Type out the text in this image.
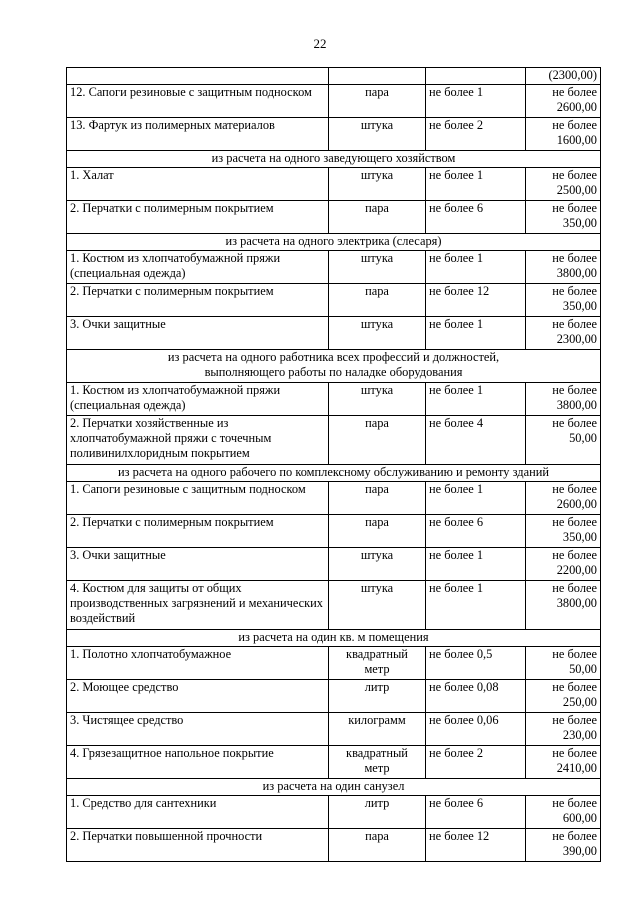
22

			(2300,00)

12. Сапоги резиновые с защитным подноском	пара	не более 1	не более
2600,00

13. Фартук из полимерных материалов	штука	не более 2	не более
1600,00

из расчета на одного заведующего хозяйством			
1. Халат	штука	не более 1	не более
2500,00

2. Перчатки с полимерным покрытием	пара	не более 6	не более
350,00

из расчета на одного электрика (слесаря)			
1. Костюм из хлопчатобумажной пряжи (специальная одежда)	штука	не более 1	не более
3800,00

2. Перчатки с полимерным покрытием	пара	не более 12	не более
350,00

3. Очки защитные	штука	не более 1	не более
2300,00

из расчета на одного работника всех профессий и должностей,
выполняющего работы по наладке оборудования			
1. Костюм из хлопчатобумажной пряжи (специальная одежда)	штука	не более 1	не более
3800,00

2. Перчатки хозяйственные из хлопчатобумажной пряжи с точечным поливинилхлоридным покрытием	пара	не более 4	не более
50,00

из расчета на одного рабочего по комплексному обслуживанию и ремонту зданий			
1. Сапоги резиновые с защитным подноском	пара	не более 1	не более
2600,00

2. Перчатки с полимерным покрытием	пара	не более 6	не более
350,00

3. Очки защитные	штука	не более 1	не более
2200,00

4. Костюм для защиты от общих производственных загрязнений и механических воздействий	штука	не более 1	не более
3800,00

из расчета на один кв. м помещения			
1. Полотно хлопчатобумажное	квадратный метр	не более 0,5	не более
50,00

2. Моющее средство	литр	не более 0,08	не более
250,00

3. Чистящее средство	килограмм	не более 0,06	не более
230,00

4. Грязезащитное напольное покрытие	квадратный метр	не более 2	не более
2410,00

из расчета на один санузел			
1. Средство для сантехники	литр	не более 6	не более
600,00

2. Перчатки повышенной прочности	пара	не более 12	не более
390,00
